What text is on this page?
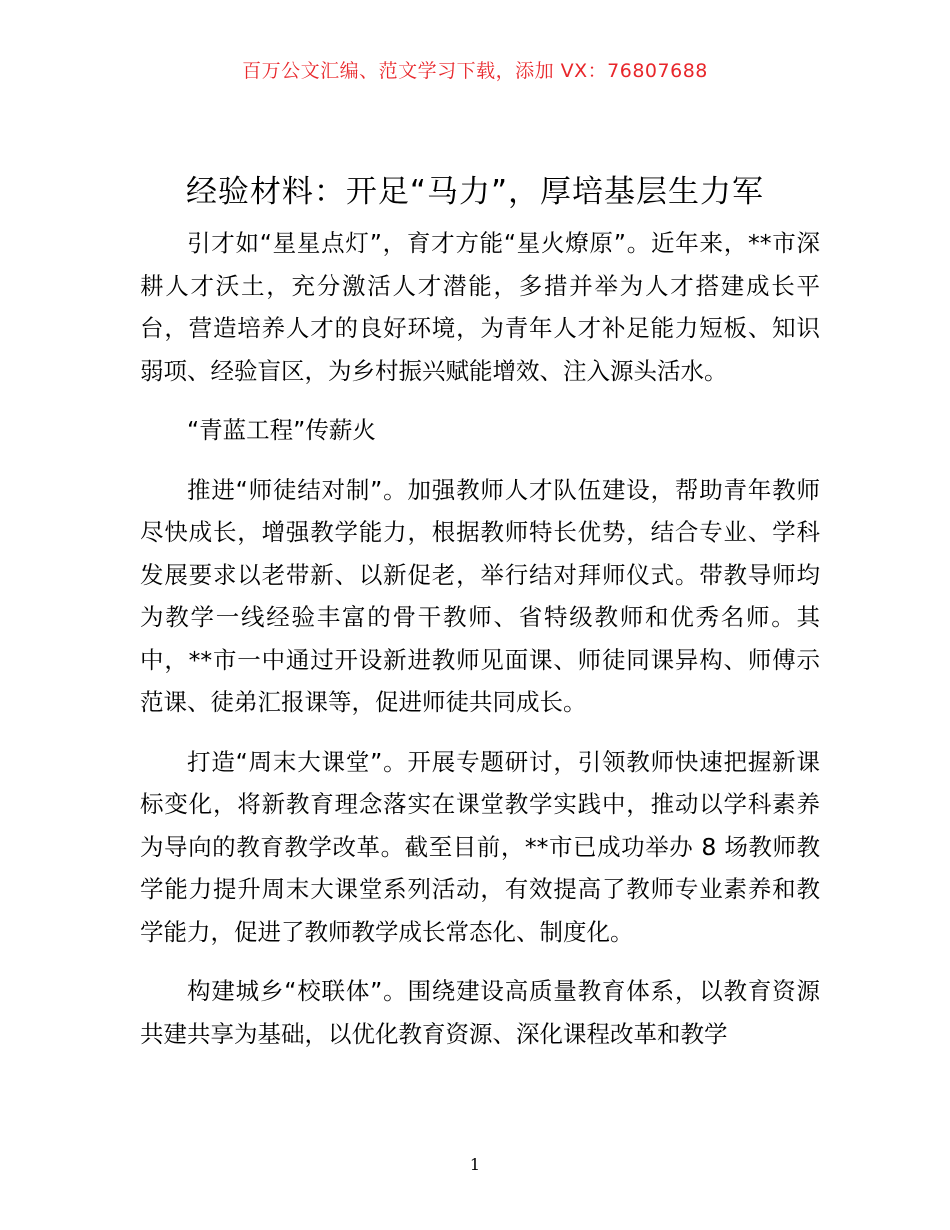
百万公文汇编、范文学习下载，添加 VX：76807688
经验材料：开足“马力”，厚培基层生力军

引才如“星星点灯”，育才方能“星火燎原”。近年来，**市深耕人才沃土，充分激活人才潜能，多措并举为人才搭建成长平台，营造培养人才的良好环境，为青年人才补足能力短板、知识弱项、经验盲区，为乡村振兴赋能增效、注入源头活水。

“青蓝工程”传薪火

推进“师徒结对制”。加强教师人才队伍建设，帮助青年教师尽快成长，增强教学能力，根据教师特长优势，结合专业、学科发展要求以老带新、以新促老，举行结对拜师仪式。带教导师均为教学一线经验丰富的骨干教师、省特级教师和优秀名师。其中，**市一中通过开设新进教师见面课、师徒同课异构、师傅示范课、徒弟汇报课等，促进师徒共同成长。

打造“周末大课堂”。开展专题研讨，引领教师快速把握新课标变化，将新教育理念落实在课堂教学实践中，推动以学科素养为导向的教育教学改革。截至目前，**市已成功举办 8 场教师教学能力提升周末大课堂系列活动，有效提高了教师专业素养和教学能力，促进了教师教学成长常态化、制度化。

构建城乡“校联体”。围绕建设高质量教育体系，以教育资源共建共享为基础，以优化教育资源、深化课程改革和教学

1
